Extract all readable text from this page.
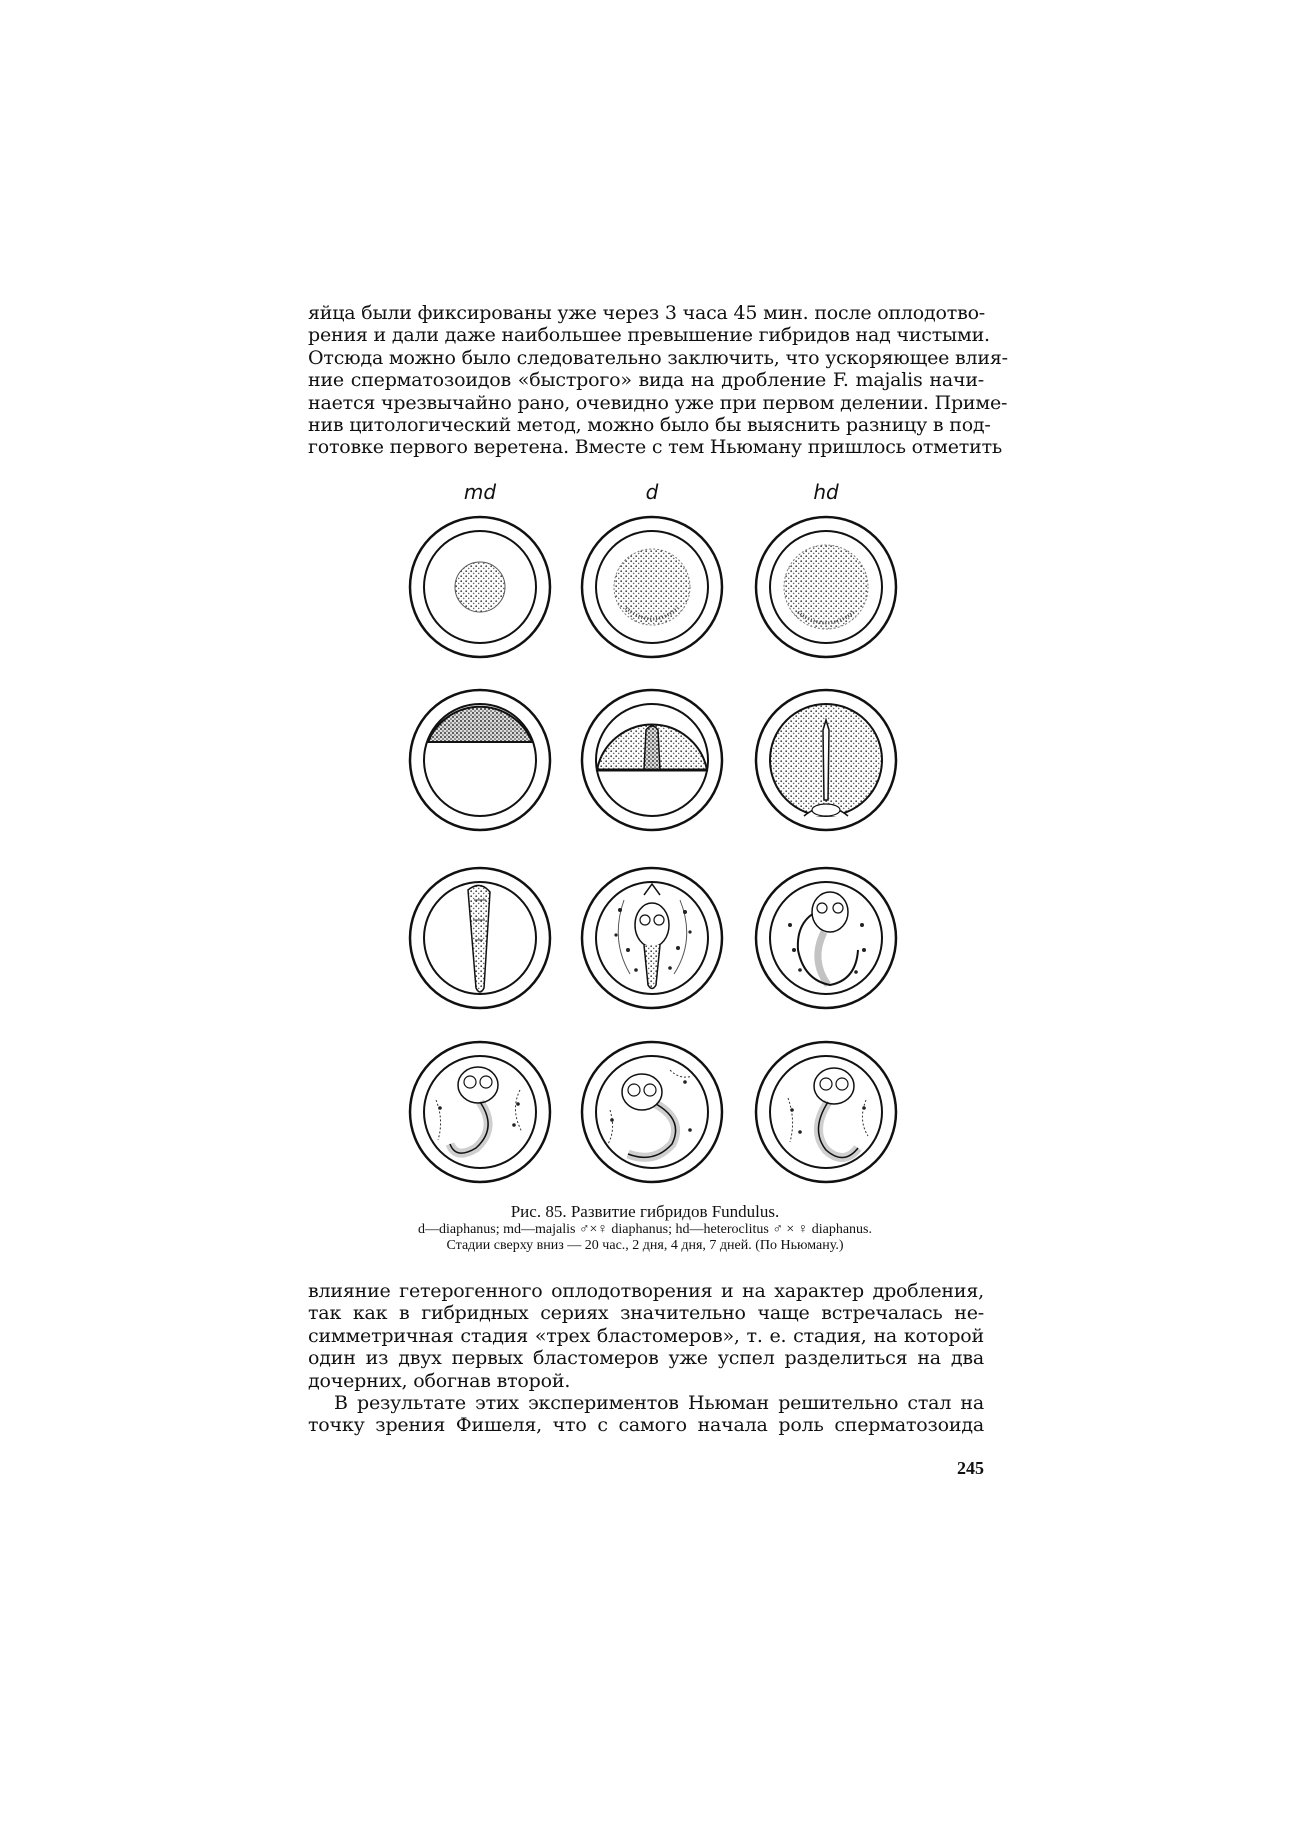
яйца были фиксированы уже через 3 часа 45 мин. после оплодотво-
рения и дали даже наибольшее превышение гибридов над чистыми.
Отсюда можно было следовательно заключить, что ускоряющее влия-
ние сперматозоидов «быстрого» вида на дробление F. majalis начи-
нается чрезвычайно рано, очевидно уже при первом делении. Приме-
нив цитологический метод, можно было бы выяснить разницу в под-
готовке первого веретена. Вместе с тем Ньюману пришлось отметить
md	d	hd
Рис. 85. Развитие гибридов Fundulus.
d—diaphanus; md—majalis ♂×♀ diaphanus; hd—heteroclitus ♂ × ♀ diaphanus.
Стадии сверху вниз — 20 час., 2 дня, 4 дня, 7 дней. (По Ньюману.)
влияние гетерогенного оплодотворения и на характер дробления,
так как в гибридных сериях значительно чаще встречалась не-
симметричная стадия «трех бластомеров», т. е. стадия, на которой
один из двух первых бластомеров уже успел разделиться на два
дочерних, обогнав второй.
В результате этих экспериментов Ньюман решительно стал на
точку зрения Фишеля, что с самого начала роль сперматозоида
245
